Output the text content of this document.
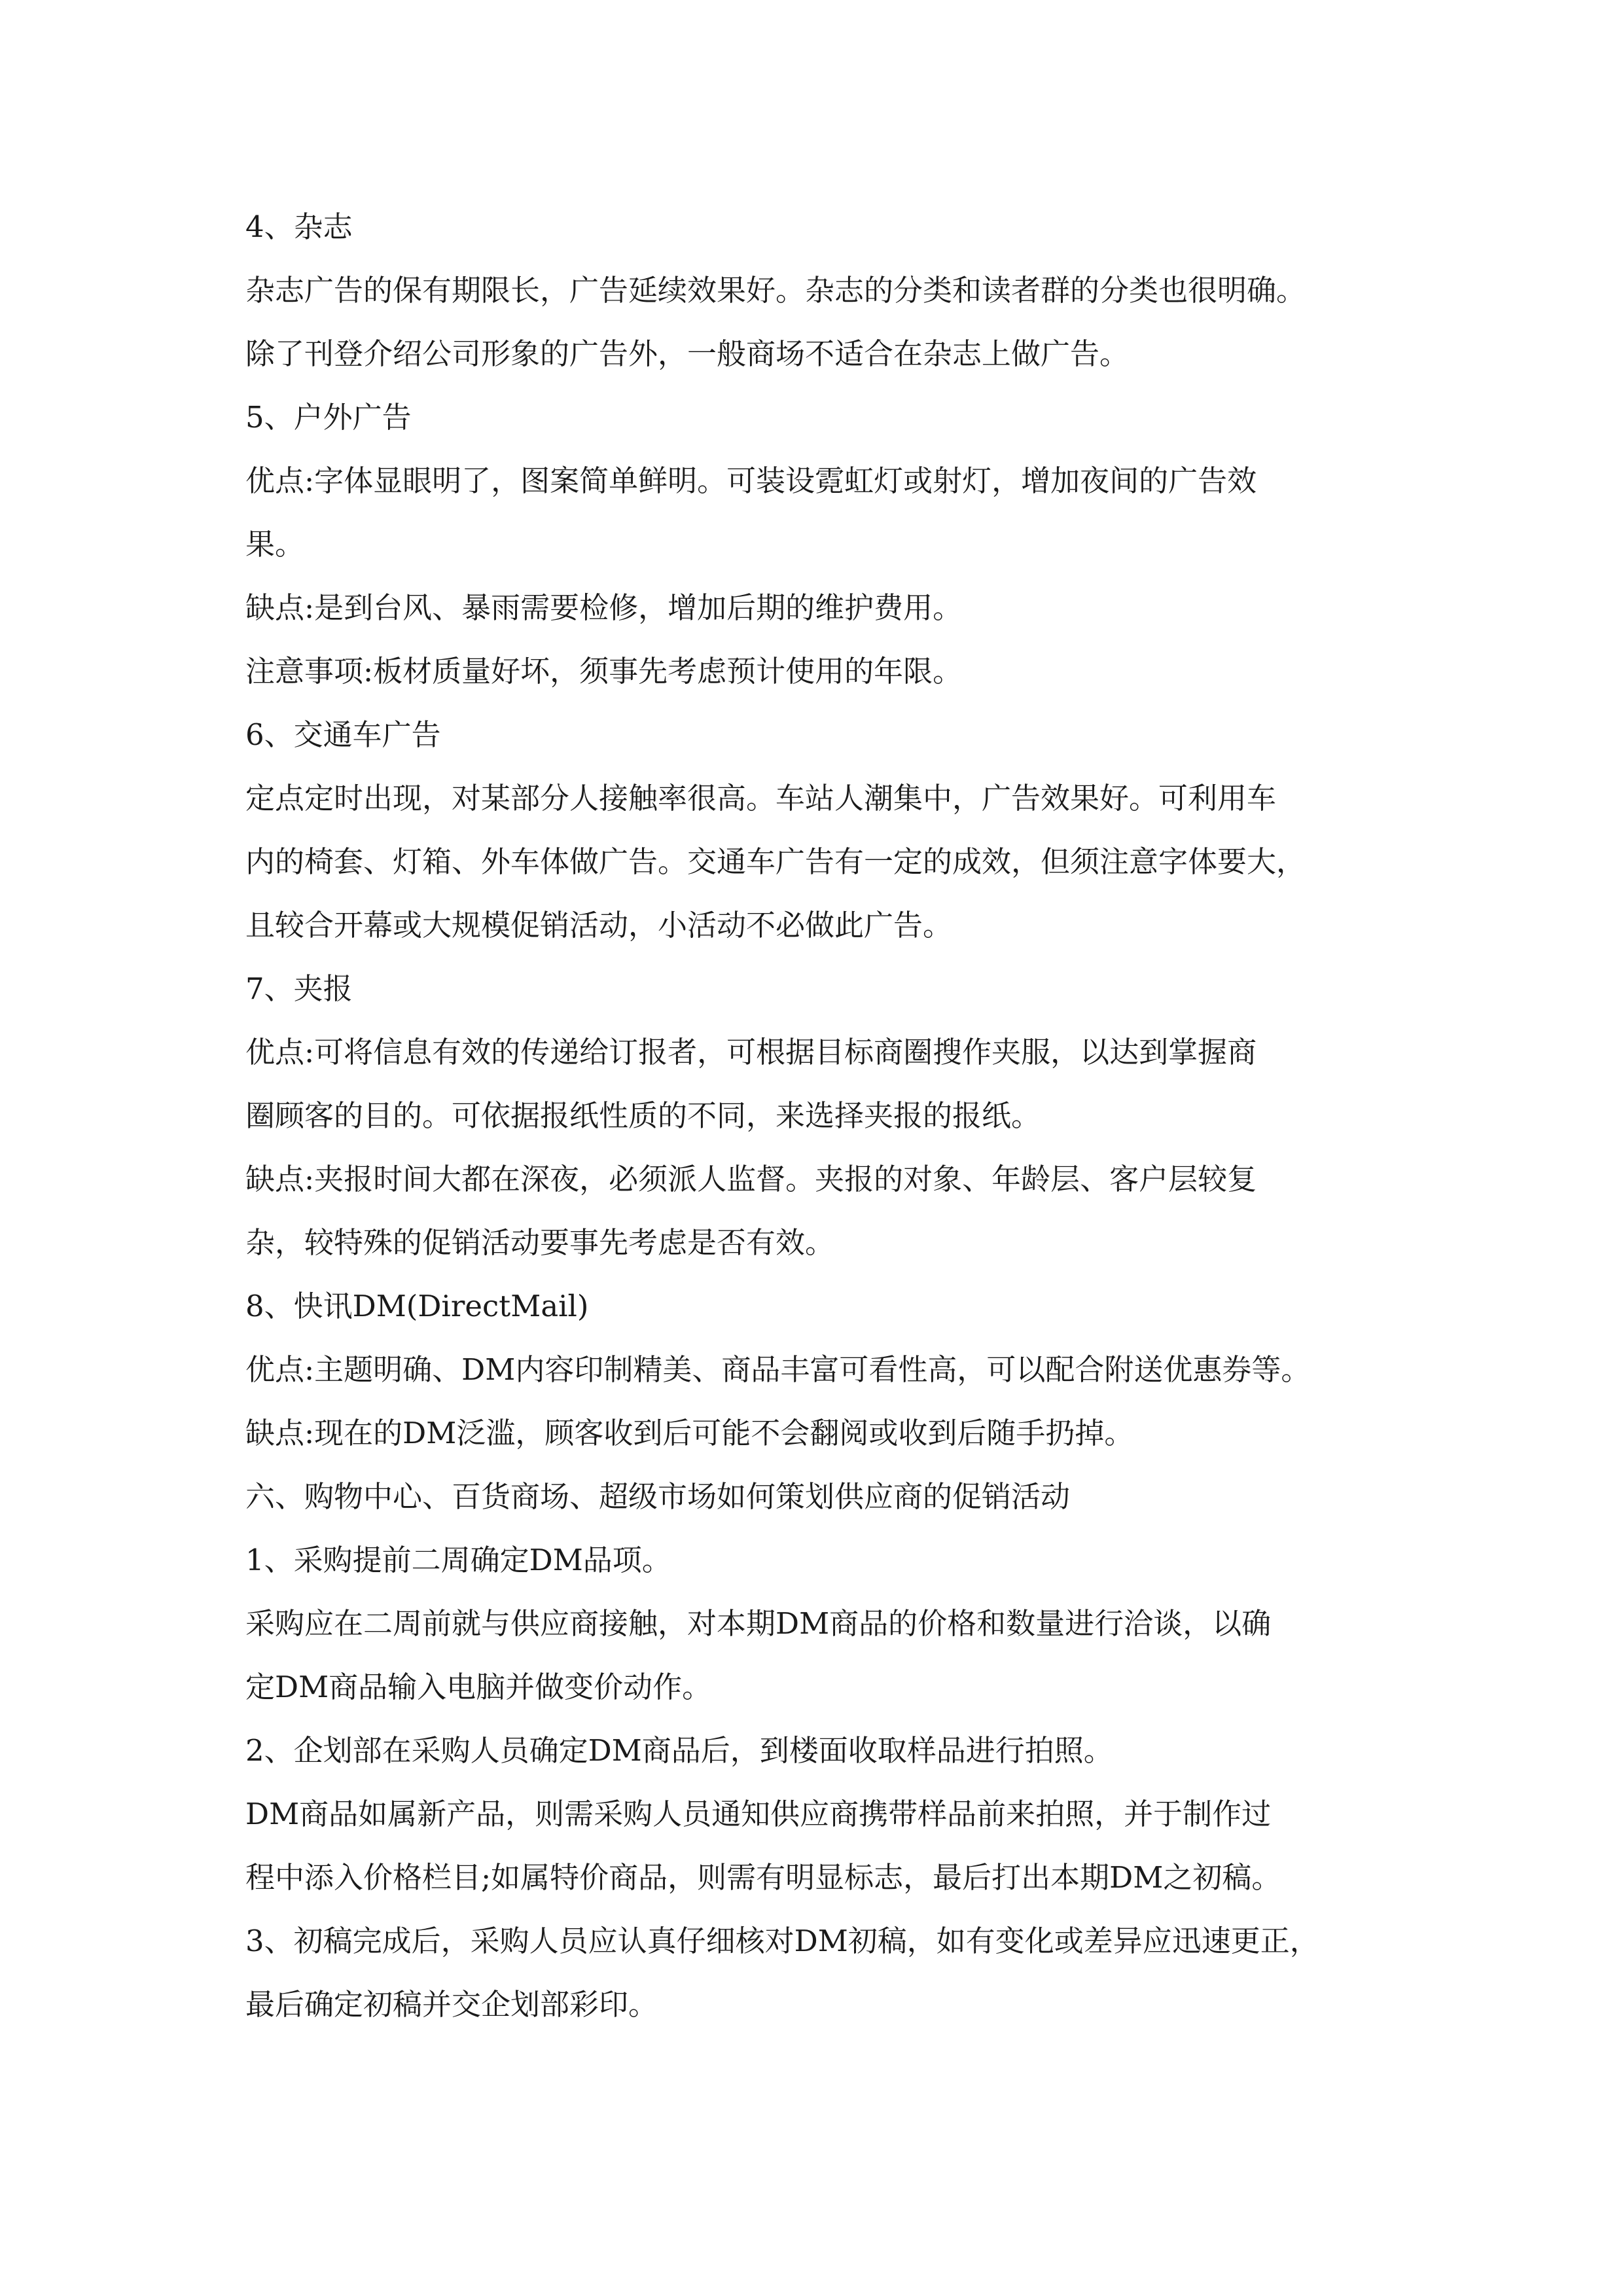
4、杂志
杂志广告的保有期限长，广告延续效果好。杂志的分类和读者群的分类也很明确。
除了刊登介绍公司形象的广告外，一般商场不适合在杂志上做广告。
5、户外广告
优点:字体显眼明了，图案简单鲜明。可装设霓虹灯或射灯，增加夜间的广告效
果。
缺点:是到台风、暴雨需要检修，增加后期的维护费用。
注意事项:板材质量好坏，须事先考虑预计使用的年限。
6、交通车广告
定点定时出现，对某部分人接触率很高。车站人潮集中，广告效果好。可利用车
内的椅套、灯箱、外车体做广告。交通车广告有一定的成效，但须注意字体要大，
且较合开幕或大规模促销活动，小活动不必做此广告。
7、夹报
优点:可将信息有效的传递给订报者，可根据目标商圈搜作夹服，以达到掌握商
圈顾客的目的。可依据报纸性质的不同，来选择夹报的报纸。
缺点:夹报时间大都在深夜，必须派人监督。夹报的对象、年龄层、客户层较复
杂，较特殊的促销活动要事先考虑是否有效。
8、快讯DM(DirectMail)
优点:主题明确、DM内容印制精美、商品丰富可看性高，可以配合附送优惠券等。
缺点:现在的DM泛滥，顾客收到后可能不会翻阅或收到后随手扔掉。
六、购物中心、百货商场、超级市场如何策划供应商的促销活动
1、采购提前二周确定DM品项。
采购应在二周前就与供应商接触，对本期DM商品的价格和数量进行洽谈，以确
定DM商品输入电脑并做变价动作。
2、企划部在采购人员确定DM商品后，到楼面收取样品进行拍照。
DM商品如属新产品，则需采购人员通知供应商携带样品前来拍照，并于制作过
程中添入价格栏目;如属特价商品，则需有明显标志，最后打出本期DM之初稿。
3、初稿完成后，采购人员应认真仔细核对DM初稿，如有变化或差异应迅速更正，
最后确定初稿并交企划部彩印。
